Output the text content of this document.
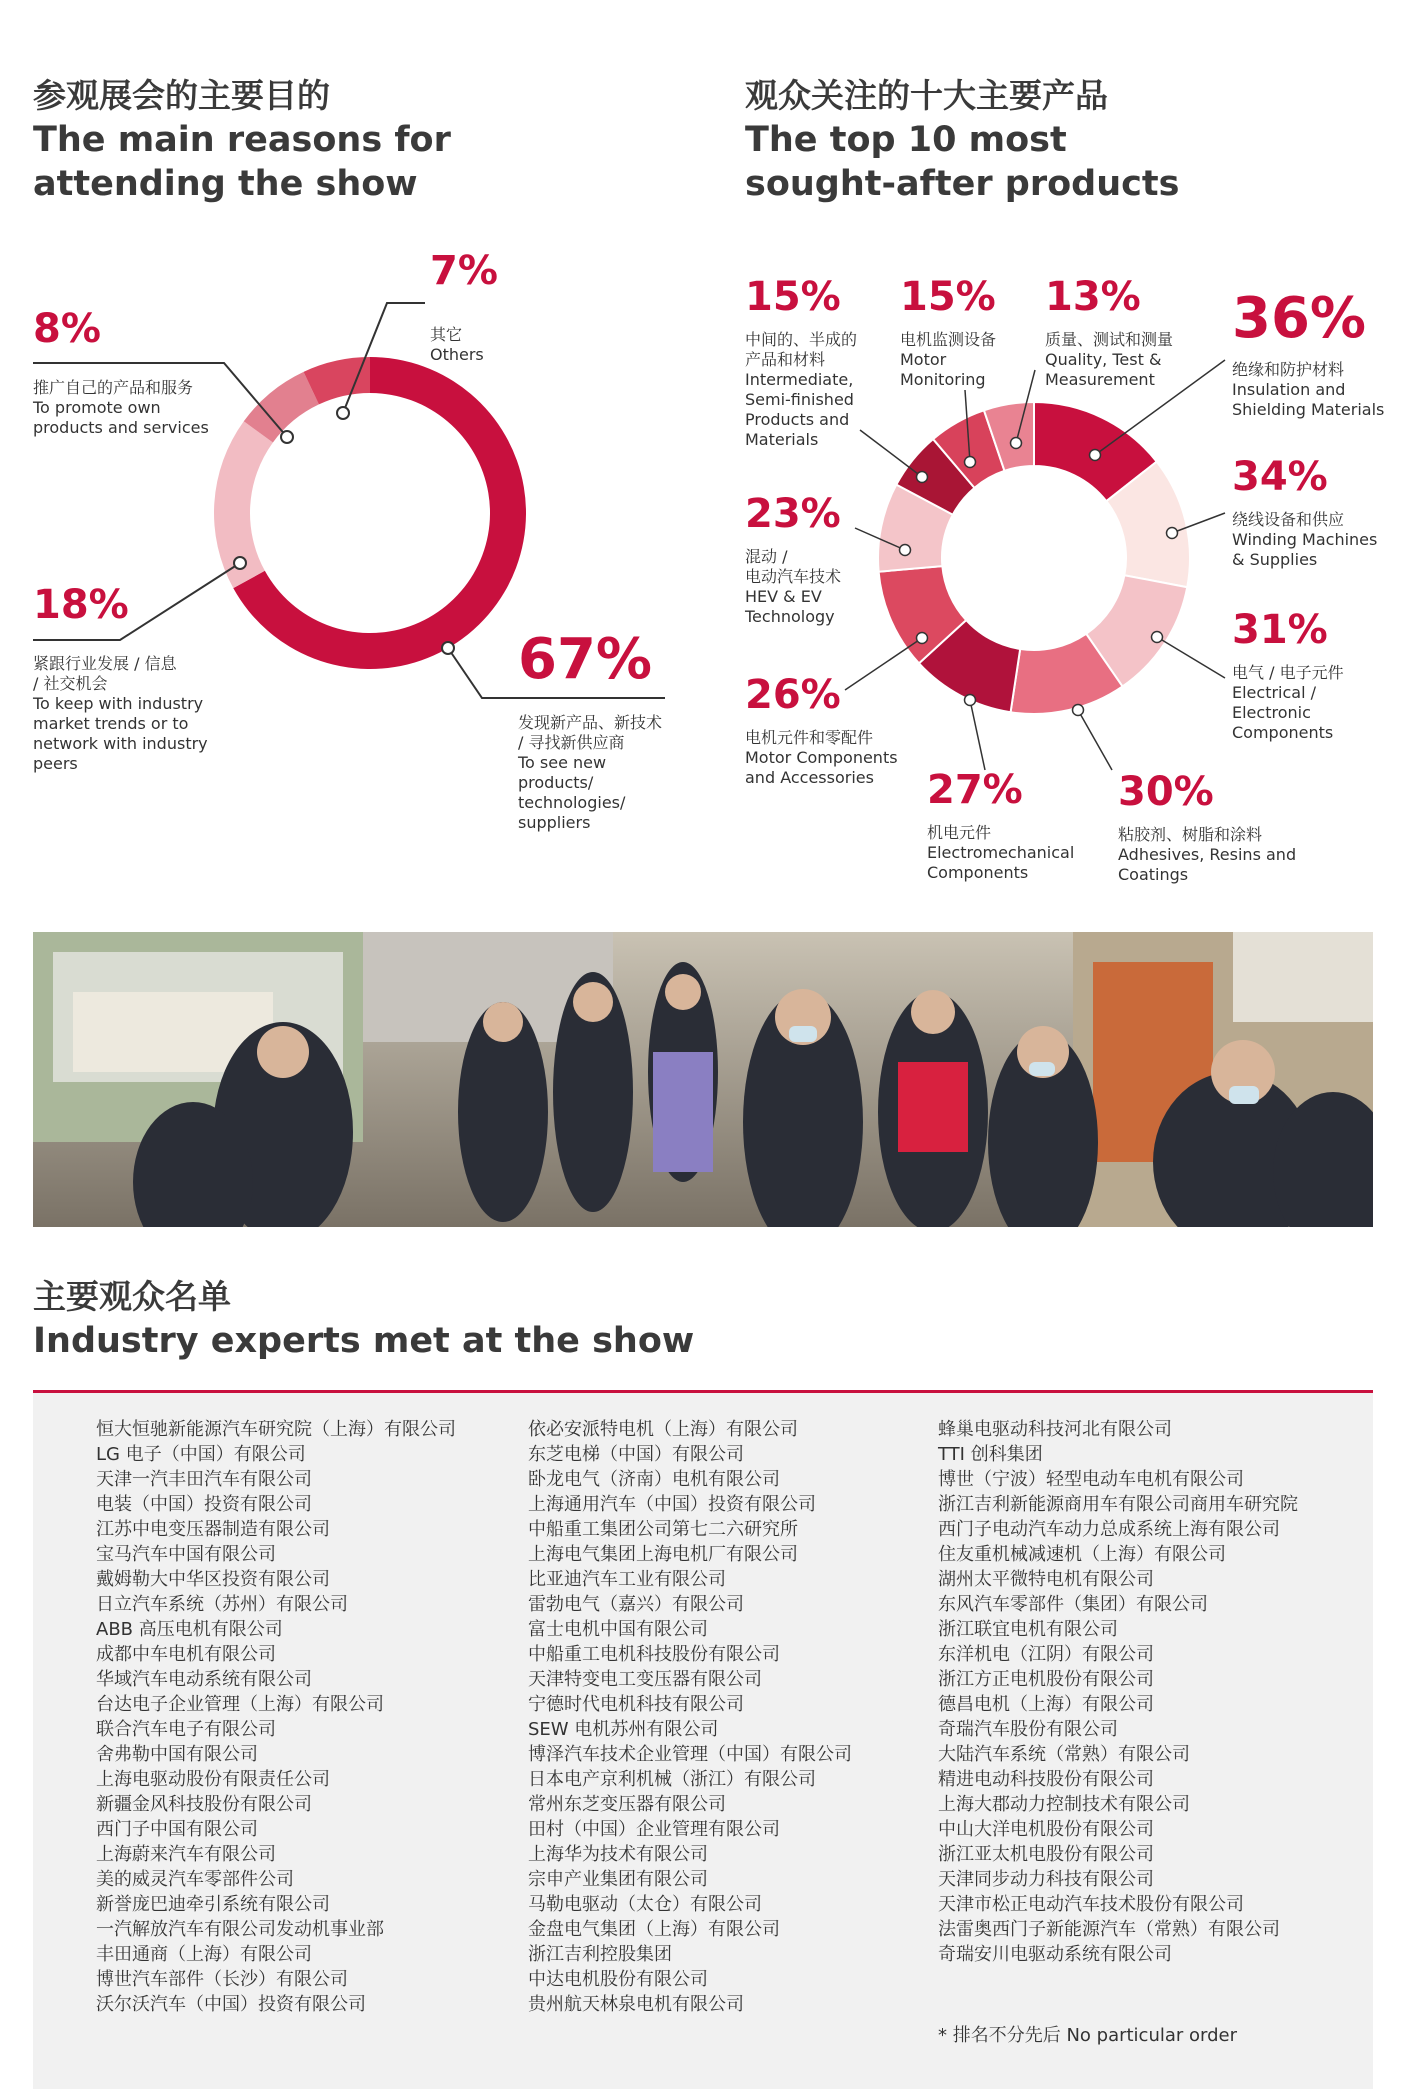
参观展会的主要目的
The main reasons for
attending the show
观众关注的十大主要产品
The top 10 most
sought-after products
67%
发现新产品、新技术
/ 寻找新供应商
To see new
products/
technologies/
suppliers
18%
紧跟行业发展 / 信息
/ 社交机会
To keep with industry
market trends or to
network with industry
peers
8%
推广自己的产品和服务
To promote own
products and services
7%
其它
Others
15%
中间的、半成的
产品和材料
Intermediate,
Semi-finished
Products and
Materials
15%
电机监测设备
Motor
Monitoring
13%
质量、测试和测量
Quality, Test &
Measurement
36%
绝缘和防护材料
Insulation and
Shielding Materials
34%
绕线设备和供应
Winding Machines
& Supplies
31%
电气 / 电子元件
Electrical /
Electronic
Components
30%
粘胶剂、树脂和涂料
Adhesives, Resins and
Coatings
27%
机电元件
Electromechanical
Components
26%
电机元件和零配件
Motor Components
and Accessories
23%
混动 /
电动汽车技术
HEV & EV
Technology
主要观众名单
Industry experts met at the show
恒大恒驰新能源汽车研究院（上海）有限公司
LG 电子（中国）有限公司
天津一汽丰田汽车有限公司
电装（中国）投资有限公司
江苏中电变压器制造有限公司
宝马汽车中国有限公司
戴姆勒大中华区投资有限公司
日立汽车系统（苏州）有限公司
ABB 高压电机有限公司
成都中车电机有限公司
华域汽车电动系统有限公司
台达电子企业管理（上海）有限公司
联合汽车电子有限公司
舍弗勒中国有限公司
上海电驱动股份有限责任公司
新疆金风科技股份有限公司
西门子中国有限公司
上海蔚来汽车有限公司
美的威灵汽车零部件公司
新誉庞巴迪牵引系统有限公司
一汽解放汽车有限公司发动机事业部
丰田通商（上海）有限公司
博世汽车部件（长沙）有限公司
沃尔沃汽车（中国）投资有限公司
依必安派特电机（上海）有限公司
东芝电梯（中国）有限公司
卧龙电气（济南）电机有限公司
上海通用汽车（中国）投资有限公司
中船重工集团公司第七二六研究所
上海电气集团上海电机厂有限公司
比亚迪汽车工业有限公司
雷勃电气（嘉兴）有限公司
富士电机中国有限公司
中船重工电机科技股份有限公司
天津特变电工变压器有限公司
宁德时代电机科技有限公司
SEW 电机苏州有限公司
博泽汽车技术企业管理（中国）有限公司
日本电产京利机械（浙江）有限公司
常州东芝变压器有限公司
田村（中国）企业管理有限公司
上海华为技术有限公司
宗申产业集团有限公司
马勒电驱动（太仓）有限公司
金盘电气集团（上海）有限公司
浙江吉利控股集团
中达电机股份有限公司
贵州航天林泉电机有限公司
蜂巢电驱动科技河北有限公司
TTI 创科集团
博世（宁波）轻型电动车电机有限公司
浙江吉利新能源商用车有限公司商用车研究院
西门子电动汽车动力总成系统上海有限公司
住友重机械减速机（上海）有限公司
湖州太平微特电机有限公司
东风汽车零部件（集团）有限公司
浙江联宜电机有限公司
东洋机电（江阴）有限公司
浙江方正电机股份有限公司
德昌电机（上海）有限公司
奇瑞汽车股份有限公司
大陆汽车系统（常熟）有限公司
精进电动科技股份有限公司
上海大郡动力控制技术有限公司
中山大洋电机股份有限公司
浙江亚太机电股份有限公司
天津同步动力科技有限公司
天津市松正电动汽车技术股份有限公司
法雷奥西门子新能源汽车（常熟）有限公司
奇瑞安川电驱动系统有限公司
* 排名不分先后 No particular order
